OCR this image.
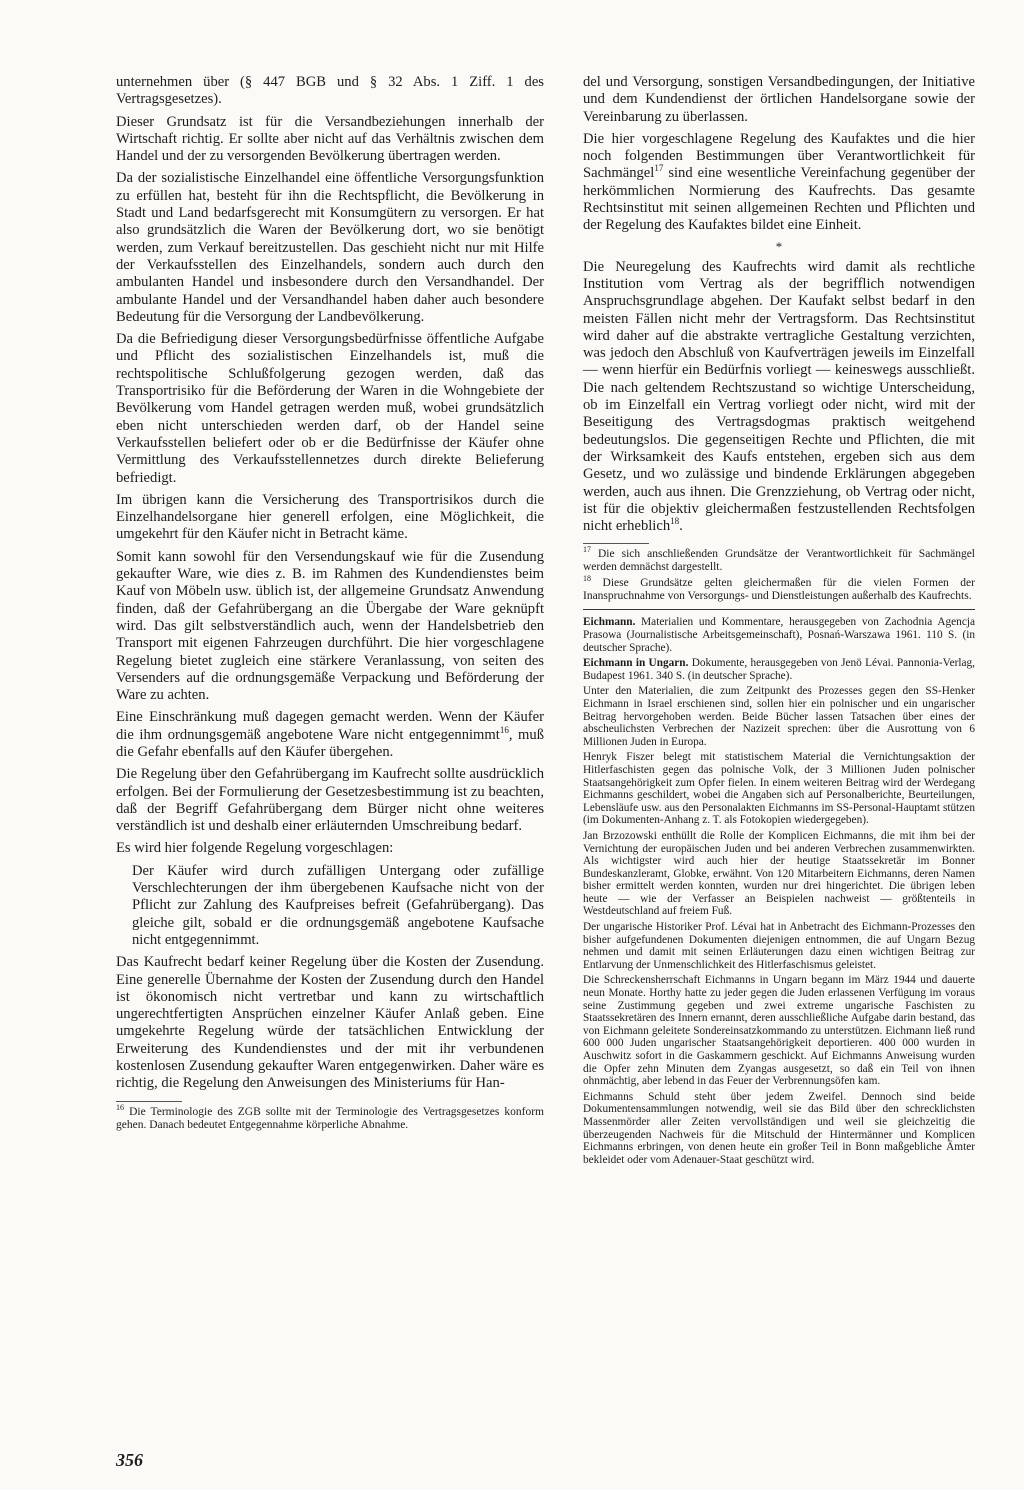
unternehmen über (§ 447 BGB und § 32 Abs. 1 Ziff. 1 des Vertragsgesetzes).

Dieser Grundsatz ist für die Versandbeziehungen innerhalb der Wirtschaft richtig. Er sollte aber nicht auf das Verhältnis zwischen dem Handel und der zu versorgenden Bevölkerung übertragen werden.

Da der sozialistische Einzelhandel eine öffentliche Versorgungsfunktion zu erfüllen hat, besteht für ihn die Rechtspflicht, die Bevölkerung in Stadt und Land bedarfsgerecht mit Konsumgütern zu versorgen. Er hat also grundsätzlich die Waren der Bevölkerung dort, wo sie benötigt werden, zum Verkauf bereitzustellen. Das geschieht nicht nur mit Hilfe der Verkaufsstellen des Einzelhandels, sondern auch durch den ambulanten Handel und insbesondere durch den Versandhandel. Der ambulante Handel und der Versandhandel haben daher auch besondere Bedeutung für die Versorgung der Landbevölkerung.

Da die Befriedigung dieser Versorgungsbedürfnisse öffentliche Aufgabe und Pflicht des sozialistischen Einzelhandels ist, muß die rechtspolitische Schlußfolgerung gezogen werden, daß das Transportrisiko für die Beförderung der Waren in die Wohngebiete der Bevölkerung vom Handel getragen werden muß, wobei grundsätzlich eben nicht unterschieden werden darf, ob der Handel seine Verkaufsstellen beliefert oder ob er die Bedürfnisse der Käufer ohne Vermittlung des Verkaufsstellennetzes durch direkte Belieferung befriedigt.

Im übrigen kann die Versicherung des Transportrisikos durch die Einzelhandelsorgane hier generell erfolgen, eine Möglichkeit, die umgekehrt für den Käufer nicht in Betracht käme.

Somit kann sowohl für den Versendungskauf wie für die Zusendung gekaufter Ware, wie dies z. B. im Rahmen des Kundendienstes beim Kauf von Möbeln usw. üblich ist, der allgemeine Grundsatz Anwendung finden, daß der Gefahrübergang an die Übergabe der Ware geknüpft wird. Das gilt selbstverständlich auch, wenn der Handelsbetrieb den Transport mit eigenen Fahrzeugen durchführt. Die hier vorgeschlagene Regelung bietet zugleich eine stärkere Veranlassung, von seiten des Versenders auf die ordnungsgemäße Verpackung und Beförderung der Ware zu achten.

Eine Einschränkung muß dagegen gemacht werden. Wenn der Käufer die ihm ordnungsgemäß angebotene Ware nicht entgegennimmt$^{16}$, muß die Gefahr ebenfalls auf den Käufer übergehen.

Die Regelung über den Gefahrübergang im Kaufrecht sollte ausdrücklich erfolgen. Bei der Formulierung der Gesetzesbestimmung ist zu beachten, daß der Begriff Gefahrübergang dem Bürger nicht ohne weiteres verständlich ist und deshalb einer erläuternden Umschreibung bedarf.

Es wird hier folgende Regelung vorgeschlagen:

Der Käufer wird durch zufälligen Untergang oder zufällige Verschlechterungen der ihm übergebenen Kaufsache nicht von der Pflicht zur Zahlung des Kaufpreises befreit (Gefahrübergang). Das gleiche gilt, sobald er die ordnungsgemäß angebotene Kaufsache nicht entgegennimmt.

Das Kaufrecht bedarf keiner Regelung über die Kosten der Zusendung. Eine generelle Übernahme der Kosten der Zusendung durch den Handel ist ökonomisch nicht vertretbar und kann zu wirtschaftlich ungerechtfertigten Ansprüchen einzelner Käufer Anlaß geben. Eine umgekehrte Regelung würde der tatsächlichen Entwicklung der Erweiterung des Kundendienstes und der mit ihr verbundenen kostenlosen Zusendung gekaufter Waren entgegenwirken. Daher wäre es richtig, die Regelung den Anweisungen des Ministeriums für Han-

$^{16}$ Die Terminologie des ZGB sollte mit der Terminologie des Vertragsgesetzes konform gehen. Danach bedeutet Entgegennahme körperliche Abnahme.

del und Versorgung, sonstigen Versandbedingungen, der Initiative und dem Kundendienst der örtlichen Handelsorgane sowie der Vereinbarung zu überlassen.

Die hier vorgeschlagene Regelung des Kaufaktes und die hier noch folgenden Bestimmungen über Verantwortlichkeit für Sachmängel$^{17}$ sind eine wesentliche Vereinfachung gegenüber der herkömmlichen Normierung des Kaufrechts. Das gesamte Rechtsinstitut mit seinen allgemeinen Rechten und Pflichten und der Regelung des Kaufaktes bildet eine Einheit.

*

Die Neuregelung des Kaufrechts wird damit als rechtliche Institution vom Vertrag als der begrifflich notwendigen Anspruchsgrundlage abgehen. Der Kaufakt selbst bedarf in den meisten Fällen nicht mehr der Vertragsform. Das Rechtsinstitut wird daher auf die abstrakte vertragliche Gestaltung verzichten, was jedoch den Abschluß von Kaufverträgen jeweils im Einzelfall — wenn hierfür ein Bedürfnis vorliegt — keineswegs ausschließt. Die nach geltendem Rechtszustand so wichtige Unterscheidung, ob im Einzelfall ein Vertrag vorliegt oder nicht, wird mit der Beseitigung des Vertragsdogmas praktisch weitgehend bedeutungslos. Die gegenseitigen Rechte und Pflichten, die mit der Wirksamkeit des Kaufs entstehen, ergeben sich aus dem Gesetz, und wo zulässige und bindende Erklärungen abgegeben werden, auch aus ihnen. Die Grenzziehung, ob Vertrag oder nicht, ist für die objektiv gleichermaßen festzustellenden Rechtsfolgen nicht erheblich$^{18}$.

$^{17}$ Die sich anschließenden Grundsätze der Verantwortlichkeit für Sachmängel werden demnächst dargestellt.

$^{18}$ Diese Grundsätze gelten gleichermaßen für die vielen Formen der Inanspruchnahme von Versorgungs- und Dienstleistungen außerhalb des Kaufrechts.

Eichmann. Materialien und Kommentare, herausgegeben von Zachodnia Agencja Prasowa (Journalistische Arbeitsgemeinschaft), Posnań-Warszawa 1961. 110 S. (in deutscher Sprache).

Eichmann in Ungarn. Dokumente, herausgegeben von Jenö Lévai. Pannonia-Verlag, Budapest 1961. 340 S. (in deutscher Sprache).

Unter den Materialien, die zum Zeitpunkt des Prozesses gegen den SS-Henker Eichmann in Israel erschienen sind, sollen hier ein polnischer und ein ungarischer Beitrag hervorgehoben werden. Beide Bücher lassen Tatsachen über eines der abscheulichsten Verbrechen der Nazizeit sprechen: über die Ausrottung von 6 Millionen Juden in Europa.

Henryk Fiszer belegt mit statistischem Material die Vernichtungsaktion der Hitlerfaschisten gegen das polnische Volk, der 3 Millionen Juden polnischer Staatsangehörigkeit zum Opfer fielen. In einem weiteren Beitrag wird der Werdegang Eichmanns geschildert, wobei die Angaben sich auf Personalberichte, Beurteilungen, Lebensläufe usw. aus den Personalakten Eichmanns im SS-Personal-Hauptamt stützen (im Dokumenten-Anhang z. T. als Fotokopien wiedergegeben).

Jan Brzozowski enthüllt die Rolle der Komplicen Eichmanns, die mit ihm bei der Vernichtung der europäischen Juden und bei anderen Verbrechen zusammenwirkten. Als wichtigster wird auch hier der heutige Staatssekretär im Bonner Bundeskanzleramt, Globke, erwähnt. Von 120 Mitarbeitern Eichmanns, deren Namen bisher ermittelt werden konnten, wurden nur drei hingerichtet. Die übrigen leben heute — wie der Verfasser an Beispielen nachweist — größtenteils in Westdeutschland auf freiem Fuß.

Der ungarische Historiker Prof. Lévai hat in Anbetracht des Eichmann-Prozesses den bisher aufgefundenen Dokumenten diejenigen entnommen, die auf Ungarn Bezug nehmen und damit mit seinen Erläuterungen dazu einen wichtigen Beitrag zur Entlarvung der Unmenschlichkeit des Hitlerfaschismus geleistet.

Die Schreckensherrschaft Eichmanns in Ungarn begann im März 1944 und dauerte neun Monate. Horthy hatte zu jeder gegen die Juden erlassenen Verfügung im voraus seine Zustimmung gegeben und zwei extreme ungarische Faschisten zu Staatssekretären des Innern ernannt, deren ausschließliche Aufgabe darin bestand, das von Eichmann geleitete Sondereinsatzkommando zu unterstützen. Eichmann ließ rund 600 000 Juden ungarischer Staatsangehörigkeit deportieren. 400 000 wurden in Auschwitz sofort in die Gaskammern geschickt. Auf Eichmanns Anweisung wurden die Opfer zehn Minuten dem Zyangas ausgesetzt, so daß ein Teil von ihnen ohnmächtig, aber lebend in das Feuer der Verbrennungsöfen kam.

Eichmanns Schuld steht über jedem Zweifel. Dennoch sind beide Dokumentensammlungen notwendig, weil sie das Bild über den schrecklichsten Massenmörder aller Zeiten vervollständigen und weil sie gleichzeitig die überzeugenden Nachweis für die Mitschuld der Hintermänner und Komplicen Eichmanns erbringen, von denen heute ein großer Teil in Bonn maßgebliche Ämter bekleidet oder vom Adenauer-Staat geschützt wird.

356
